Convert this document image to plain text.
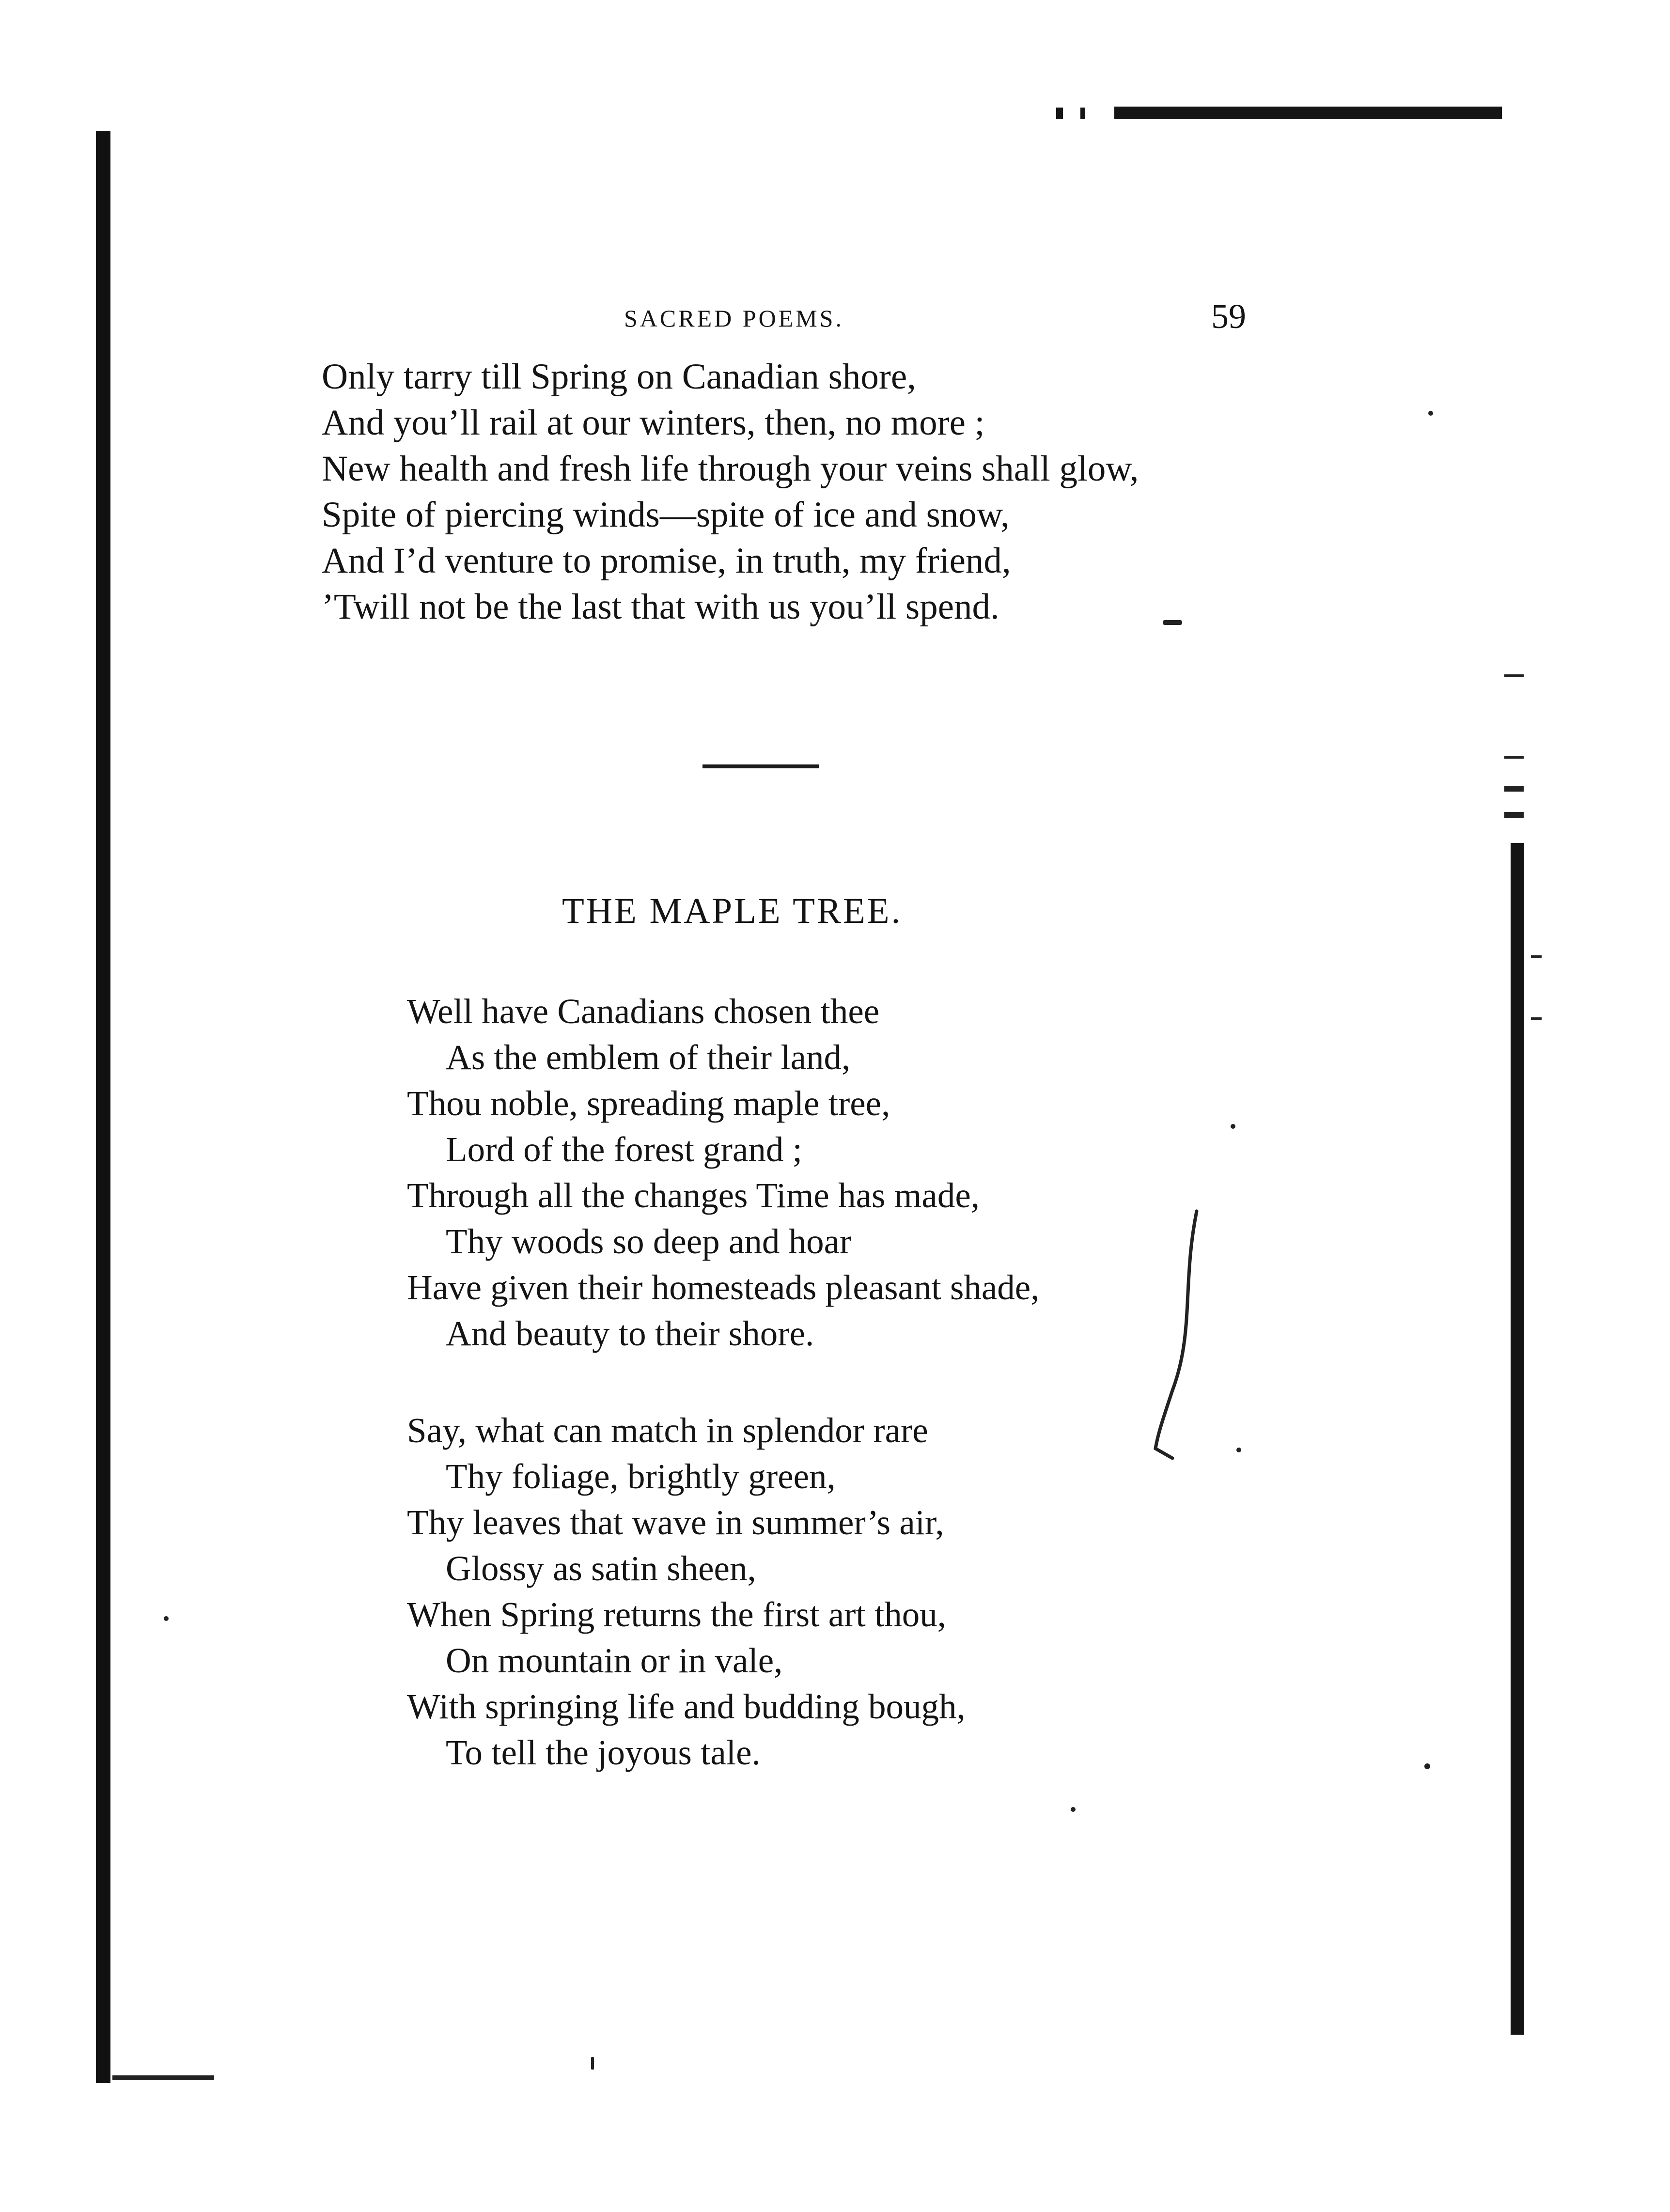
SACRED POEMS.	59
Only tarry till Spring on Canadian shore,
And you’ll rail at our winters, then, no more ;
New health and fresh life through your veins shall glow,
Spite of piercing winds—spite of ice and snow,
And I’d venture to promise, in truth, my friend,
’Twill not be the last that with us you’ll spend.
THE MAPLE TREE.
Well have Canadians chosen thee
As the emblem of their land,
Thou noble, spreading maple tree,
Lord of the forest grand ;
Through all the changes Time has made,
Thy woods so deep and hoar
Have given their homesteads pleasant shade,
And beauty to their shore.
Say, what can match in splendor rare
Thy foliage, brightly green,
Thy leaves that wave in summer’s air,
Glossy as satin sheen,
When Spring returns the first art thou,
On mountain or in vale,
With springing life and budding bough,
To tell the joyous tale.
